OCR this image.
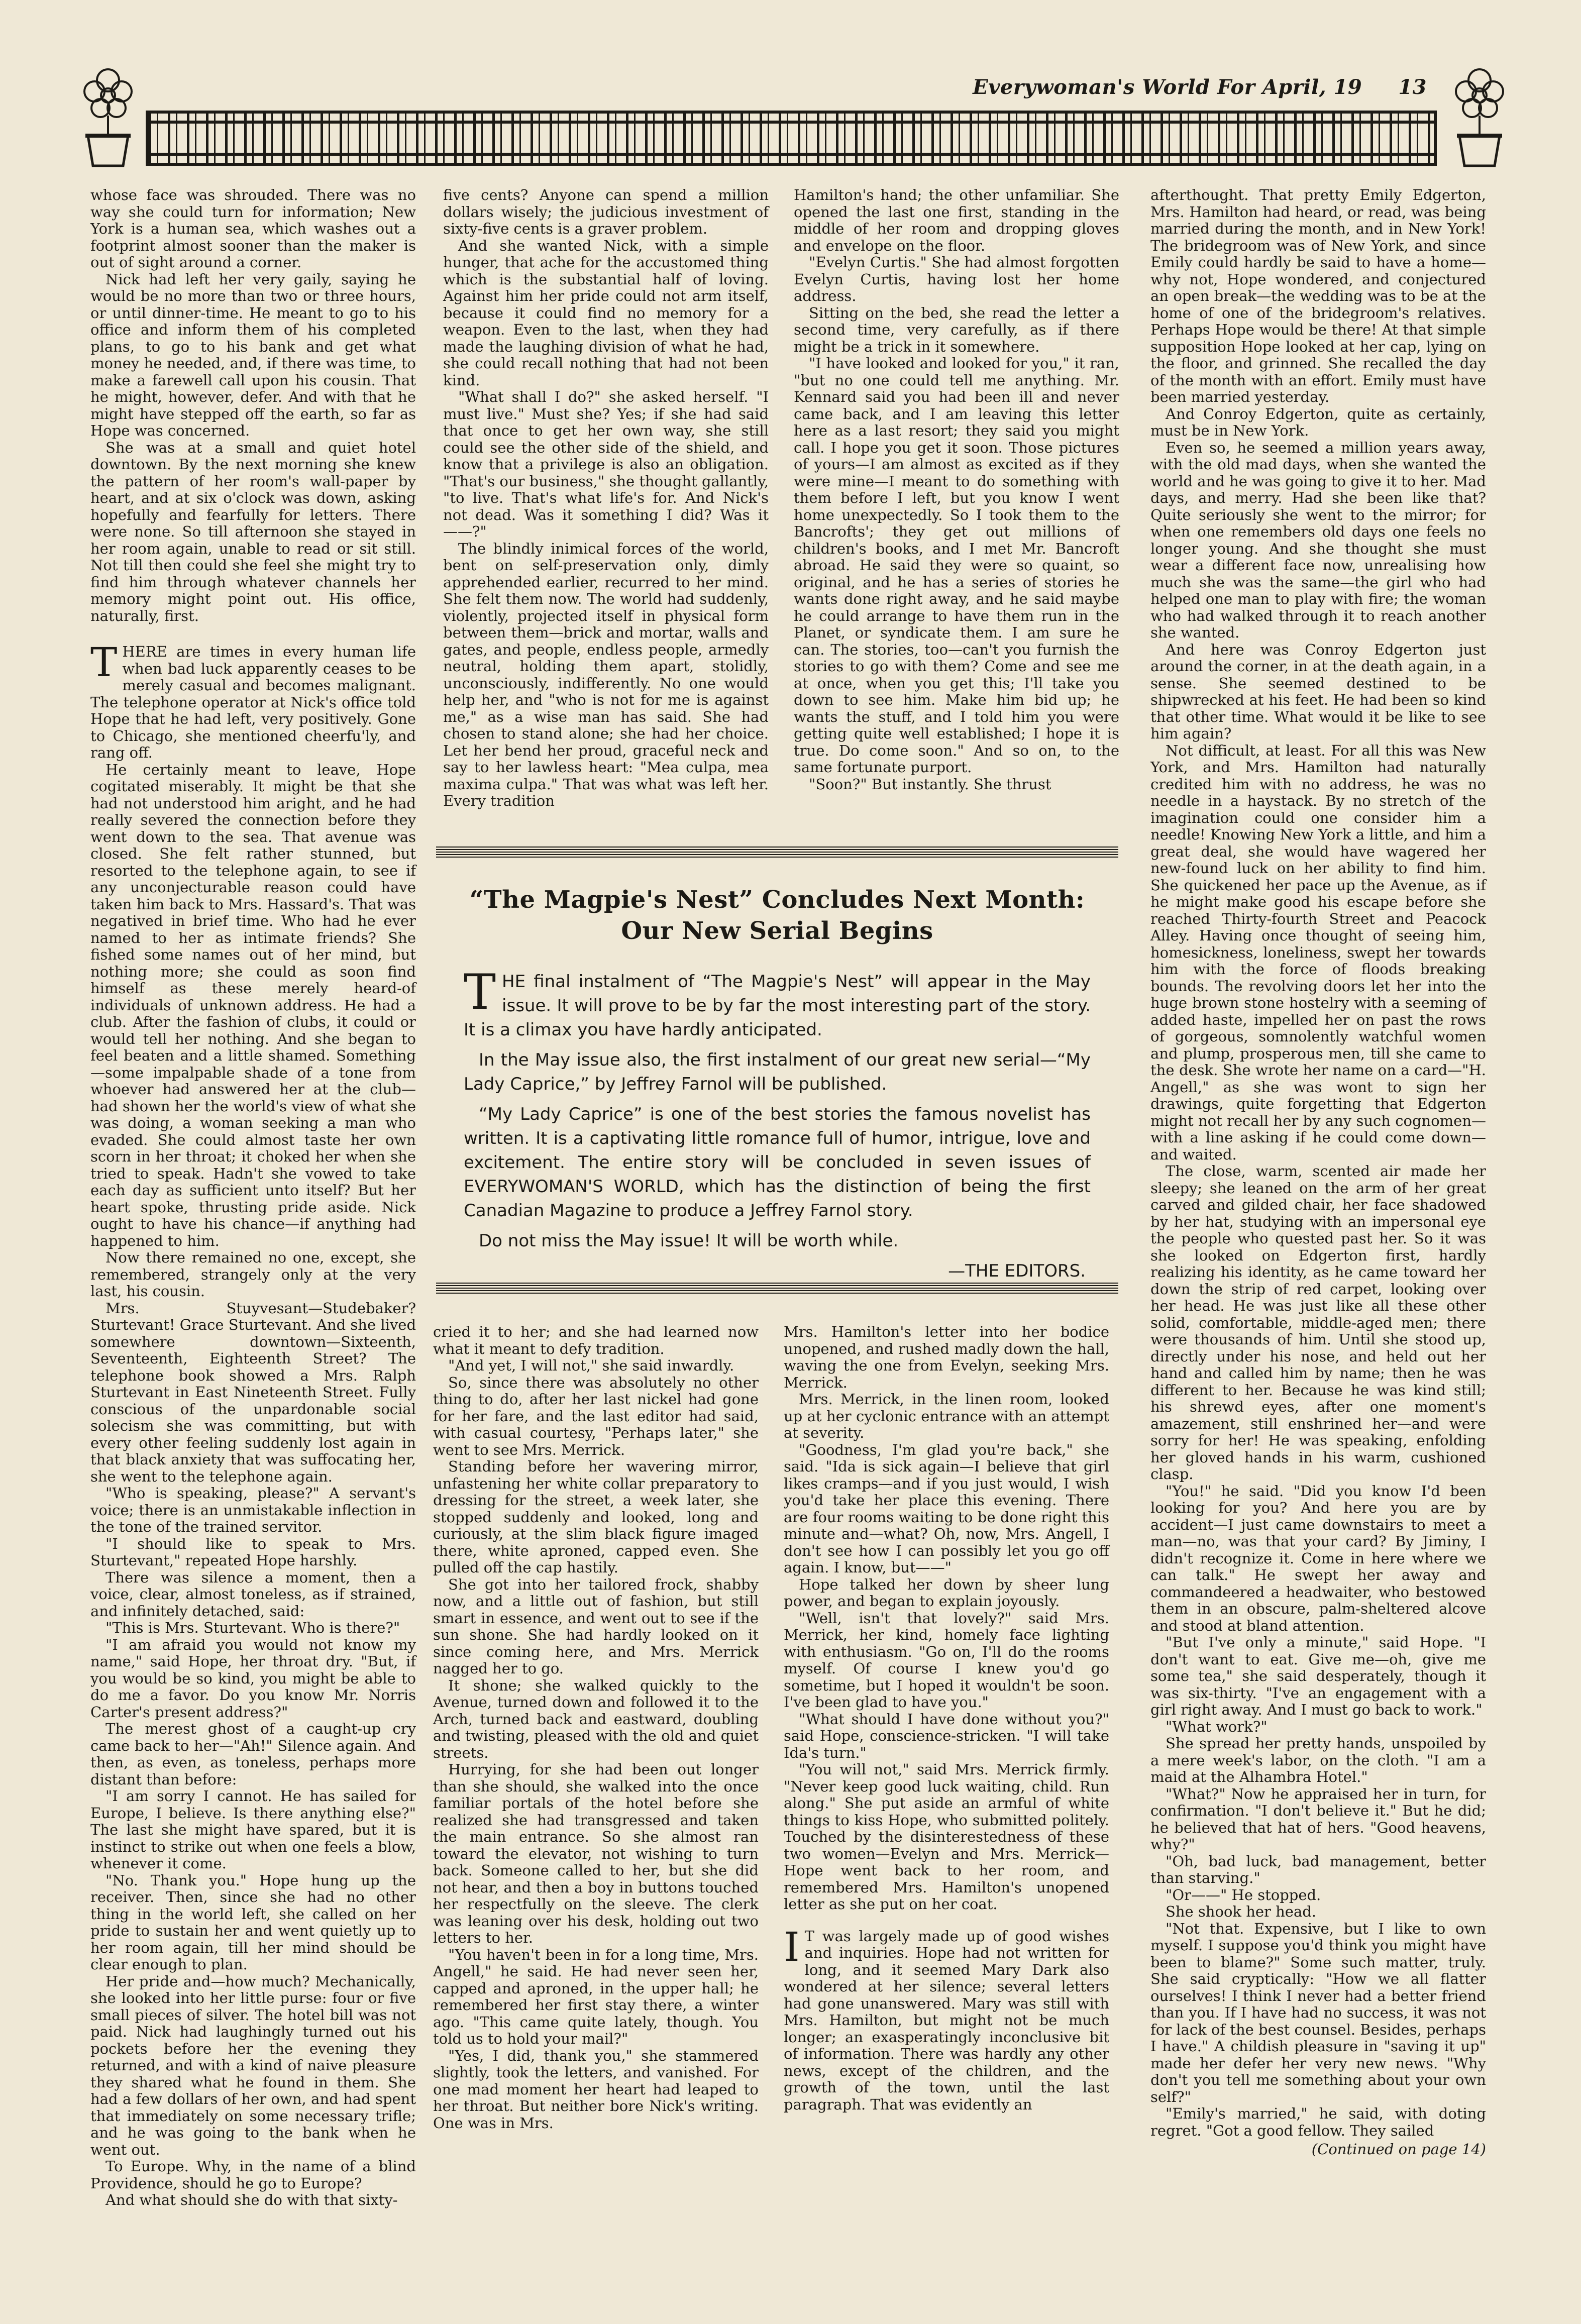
Everywoman's World For April, 19 13

whose face was shrouded. There was no way she could turn for information; New York is a human sea, which washes out a footprint almost sooner than the maker is out of sight around a corner.

Nick had left her very gaily, saying he would be no more than two or three hours, or until dinner-time. He meant to go to his office and inform them of his completed plans, to go to his bank and get what money he needed, and, if there was time, to make a farewell call upon his cousin. That he might, however, defer. And with that he might have stepped off the earth, so far as Hope was concerned.

She was at a small and quiet hotel downtown. By the next morning she knew the pattern of her room's wall-paper by heart, and at six o'clock was down, asking hopefully and fearfully for letters. There were none. So till afternoon she stayed in her room again, unable to read or sit still. Not till then could she feel she might try to find him through whatever channels her memory might point out. His office, naturally, first.

THERE are times in every human life when bad luck apparently ceases to be merely casual and becomes malignant. The telephone operator at Nick's office told Hope that he had left, very positively. Gone to Chicago, she mentioned cheerfu'ly, and rang off.

He certainly meant to leave, Hope cogitated miserably. It might be that she had not understood him aright, and he had really severed the connection before they went down to the sea. That avenue was closed. She felt rather stunned, but resorted to the telephone again, to see if any unconjecturable reason could have taken him back to Mrs. Hassard's. That was negatived in brief time. Who had he ever named to her as intimate friends? She fished some names out of her mind, but nothing more; she could as soon find himself as these merely heard-of individuals of unknown address. He had a club. After the fashion of clubs, it could or would tell her nothing. And she began to feel beaten and a little shamed. Something—some impalpable shade of a tone from whoever had answered her at the club—had shown her the world's view of what she was doing, a woman seeking a man who evaded. She could almost taste her own scorn in her throat; it choked her when she tried to speak. Hadn't she vowed to take each day as sufficient unto itself? But her heart spoke, thrusting pride aside. Nick ought to have his chance—if anything had happened to him.

Now there remained no one, except, she remembered, strangely only at the very last, his cousin.

Mrs. Stuyvesant—Studebaker? Sturtevant! Grace Sturtevant. And she lived somewhere downtown—Sixteenth, Seventeenth, Eighteenth Street? The telephone book showed a Mrs. Ralph Sturtevant in East Nineteenth Street. Fully conscious of the unpardonable social solecism she was committing, but with every other feeling suddenly lost again in that black anxiety that was suffocating her, she went to the telephone again.

"Who is speaking, please?" A servant's voice; there is an unmistakable inflection in the tone of the trained servitor.

"I should like to speak to Mrs. Sturtevant," repeated Hope harshly.

There was silence a moment, then a voice, clear, almost toneless, as if strained, and infinitely detached, said:

"This is Mrs. Sturtevant. Who is there?"

"I am afraid you would not know my name," said Hope, her throat dry. "But, if you would be so kind, you might be able to do me a favor. Do you know Mr. Norris Carter's present address?"

The merest ghost of a caught-up cry came back to her—"Ah!" Silence again. And then, as even, as toneless, perhaps more distant than before:

"I am sorry I cannot. He has sailed for Europe, I believe. Is there anything else?" The last she might have spared, but it is instinct to strike out when one feels a blow, whenever it come.

"No. Thank you." Hope hung up the receiver. Then, since she had no other thing in the world left, she called on her pride to sustain her and went quietly up to her room again, till her mind should be clear enough to plan.

Her pride and—how much? Mechanically, she looked into her little purse: four or five small pieces of silver. The hotel bill was not paid. Nick had laughingly turned out his pockets before her the evening they returned, and with a kind of naive pleasure they shared what he found in them. She had a few dollars of her own, and had spent that immediately on some necessary trifle; and he was going to the bank when he went out.

To Europe. Why, in the name of a blind Providence, should he go to Europe?

And what should she do with that sixty-

five cents? Anyone can spend a million dollars wisely; the judicious investment of sixty-five cents is a graver problem.

And she wanted Nick, with a simple hunger, that ache for the accustomed thing which is the substantial half of loving. Against him her pride could not arm itself, because it could find no memory for a weapon. Even to the last, when they had made the laughing division of what he had, she could recall nothing that had not been kind.

"What shall I do?" she asked herself. "I must live." Must she? Yes; if she had said that once to get her own way, she still could see the other side of the shield, and know that a privilege is also an obligation. "That's our business," she thought gallantly, "to live. That's what life's for. And Nick's not dead. Was it something I did? Was it——?"

The blindly inimical forces of the world, bent on self-preservation only, dimly apprehended earlier, recurred to her mind. She felt them now. The world had suddenly, violently, projected itself in physical form between them—brick and mortar, walls and gates, and people, endless people, armedly neutral, holding them apart, stolidly, unconsciously, indifferently. No one would help her, and "who is not for me is against me," as a wise man has said. She had chosen to stand alone; she had her choice. Let her bend her proud, graceful neck and say to her lawless heart: "Mea culpa, mea maxima culpa." That was what was left her. Every tradition

Hamilton's hand; the other unfamiliar. She opened the last one first, standing in the middle of her room and dropping gloves and envelope on the floor.

"Evelyn Curtis." She had almost forgotten Evelyn Curtis, having lost her home address.

Sitting on the bed, she read the letter a second time, very carefully, as if there might be a trick in it somewhere.

"I have looked and looked for you," it ran, "but no one could tell me anything. Mr. Kennard said you had been ill and never came back, and I am leaving this letter here as a last resort; they said you might call. I hope you get it soon. Those pictures of yours—I am almost as excited as if they were mine—I meant to do something with them before I left, but you know I went home unexpectedly. So I took them to the Bancrofts'; they get out millions of children's books, and I met Mr. Bancroft abroad. He said they were so quaint, so original, and he has a series of stories he wants done right away, and he said maybe he could arrange to have them run in the Planet, or syndicate them. I am sure he can. The stories, too—can't you furnish the stories to go with them? Come and see me at once, when you get this; I'll take you down to see him. Make him bid up; he wants the stuff, and I told him you were getting quite well established; I hope it is true. Do come soon." And so on, to the same fortunate purport.

"Soon?" But instantly. She thrust

“The Magpie's Nest” Concludes Next Month:
Our New Serial Begins

THE final instalment of “The Magpie's Nest” will appear in the May issue. It will prove to be by far the most interesting part of the story. It is a climax you have hardly anticipated.

In the May issue also, the first instalment of our great new serial—“My Lady Caprice,” by Jeffrey Farnol will be published.

“My Lady Caprice” is one of the best stories the famous novelist has written. It is a captivating little romance full of humor, intrigue, love and excitement. The entire story will be concluded in seven issues of EVERYWOMAN'S WORLD, which has the distinction of being the first Canadian Magazine to produce a Jeffrey Farnol story.

Do not miss the May issue! It will be worth while.

—THE EDITORS.

cried it to her; and she had learned now what it meant to defy tradition.

"And yet, I will not," she said inwardly.

So, since there was absolutely no other thing to do, after her last nickel had gone for her fare, and the last editor had said, with casual courtesy, "Perhaps later," she went to see Mrs. Merrick.

Standing before her wavering mirror, unfastening her white collar preparatory to dressing for the street, a week later, she stopped suddenly and looked, long and curiously, at the slim black figure imaged there, white aproned, capped even. She pulled off the cap hastily.

She got into her tailored frock, shabby now, and a little out of fashion, but still smart in essence, and went out to see if the sun shone. She had hardly looked on it since coming here, and Mrs. Merrick nagged her to go.

It shone; she walked quickly to the Avenue, turned down and followed it to the Arch, turned back and eastward, doubling and twisting, pleased with the old and quiet streets.

Hurrying, for she had been out longer than she should, she walked into the once familiar portals of the hotel before she realized she had transgressed and taken the main entrance. So she almost ran toward the elevator, not wishing to turn back. Someone called to her, but she did not hear, and then a boy in buttons touched her respectfully on the sleeve. The clerk was leaning over his desk, holding out two letters to her.

"You haven't been in for a long time, Mrs. Angell," he said. He had never seen her, capped and aproned, in the upper hall; he remembered her first stay there, a winter ago. "This came quite lately, though. You told us to hold your mail?"

"Yes, I did, thank you," she stammered slightly, took the letters, and vanished. For one mad moment her heart had leaped to her throat. But neither bore Nick's writing. One was in Mrs.

Mrs. Hamilton's letter into her bodice unopened, and rushed madly down the hall, waving the one from Evelyn, seeking Mrs. Merrick.

Mrs. Merrick, in the linen room, looked up at her cyclonic entrance with an attempt at severity.

"Goodness, I'm glad you're back," she said. "Ida is sick again—I believe that girl likes cramps—and if you just would, I wish you'd take her place this evening. There are four rooms waiting to be done right this minute and—what? Oh, now, Mrs. Angell, I don't see how I can possibly let you go off again. I know, but——"

Hope talked her down by sheer lung power, and began to explain joyously.

"Well, isn't that lovely?" said Mrs. Merrick, her kind, homely face lighting with enthusiasm. "Go on, I'll do the rooms myself. Of course I knew you'd go sometime, but I hoped it wouldn't be soon. I've been glad to have you."

"What should I have done without you?" said Hope, conscience-stricken. "I will take Ida's turn."

"You will not," said Mrs. Merrick firmly. "Never keep good luck waiting, child. Run along." She put aside an armful of white things to kiss Hope, who submitted politely. Touched by the disinterestedness of these two women—Evelyn and Mrs. Merrick—Hope went back to her room, and remembered Mrs. Hamilton's unopened letter as she put on her coat.

I T was largely made up of good wishes and inquiries. Hope had not written for long, and it seemed Mary Dark also wondered at her silence; several letters had gone unanswered. Mary was still with Mrs. Hamilton, but might not be much longer; an exasperatingly inconclusive bit of information. There was hardly any other news, except of the children, and the growth of the town, until the last paragraph. That was evidently an

afterthought. That pretty Emily Edgerton, Mrs. Hamilton had heard, or read, was being married during the month, and in New York! The bridegroom was of New York, and since Emily could hardly be said to have a home—why not, Hope wondered, and conjectured an open break—the wedding was to be at the home of one of the bridegroom's relatives. Perhaps Hope would be there! At that simple supposition Hope looked at her cap, lying on the floor, and grinned. She recalled the day of the month with an effort. Emily must have been married yesterday.

And Conroy Edgerton, quite as certainly, must be in New York.

Even so, he seemed a million years away, with the old mad days, when she wanted the world and he was going to give it to her. Mad days, and merry. Had she been like that? Quite seriously she went to the mirror; for when one remembers old days one feels no longer young. And she thought she must wear a different face now, unrealising how much she was the same—the girl who had helped one man to play with fire; the woman who had walked through it to reach another she wanted.

And here was Conroy Edgerton just around the corner, in at the death again, in a sense. She seemed destined to be shipwrecked at his feet. He had been so kind that other time. What would it be like to see him again?

Not difficult, at least. For all this was New York, and Mrs. Hamilton had naturally credited him with no address, he was no needle in a haystack. By no stretch of the imagination could one consider him a needle! Knowing New York a little, and him a great deal, she would have wagered her new-found luck on her ability to find him. She quickened her pace up the Avenue, as if he might make good his escape before she reached Thirty-fourth Street and Peacock Alley. Having once thought of seeing him, homesickness, loneliness, swept her towards him with the force of floods breaking bounds. The revolving doors let her into the huge brown stone hostelry with a seeming of added haste, impelled her on past the rows of gorgeous, somnolently watchful women and plump, prosperous men, till she came to the desk. She wrote her name on a card—"H. Angell," as she was wont to sign her drawings, quite forgetting that Edgerton might not recall her by any such cognomen—with a line asking if he could come down—and waited.

The close, warm, scented air made her sleepy; she leaned on the arm of her great carved and gilded chair, her face shadowed by her hat, studying with an impersonal eye the people who quested past her. So it was she looked on Edgerton first, hardly realizing his identity, as he came toward her down the strip of red carpet, looking over her head. He was just like all these other solid, comfortable, middle-aged men; there were thousands of him. Until she stood up, directly under his nose, and held out her hand and called him by name; then he was different to her. Because he was kind still; his shrewd eyes, after one moment's amazement, still enshrined her—and were sorry for her! He was speaking, enfolding her gloved hands in his warm, cushioned clasp.

"You!" he said. "Did you know I'd been looking for you? And here you are by accident—I just came downstairs to meet a man—no, was that your card? By Jiminy, I didn't recognize it. Come in here where we can talk." He swept her away and commandeered a headwaiter, who bestowed them in an obscure, palm-sheltered alcove and stood at bland attention.

"But I've only a minute," said Hope. "I don't want to eat. Give me—oh, give me some tea," she said desperately, though it was six-thirty. "I've an engagement with a girl right away. And I must go back to work."

"What work?"

She spread her pretty hands, unspoiled by a mere week's labor, on the cloth. "I am a maid at the Alhambra Hotel."

"What?" Now he appraised her in turn, for confirmation. "I don't believe it." But he did; he believed that hat of hers. "Good heavens, why?"

"Oh, bad luck, bad management, better than starving."

"Or——" He stopped.

She shook her head.

"Not that. Expensive, but I like to own myself. I suppose you'd think you might have been to blame?" Some such matter, truly. She said cryptically: "How we all flatter ourselves! I think I never had a better friend than you. If I have had no success, it was not for lack of the best counsel. Besides, perhaps I have." A childish pleasure in "saving it up" made her defer her very new news. "Why don't you tell me something about your own self?"

"Emily's married," he said, with doting regret. "Got a good fellow. They sailed

(Continued on page 14)
